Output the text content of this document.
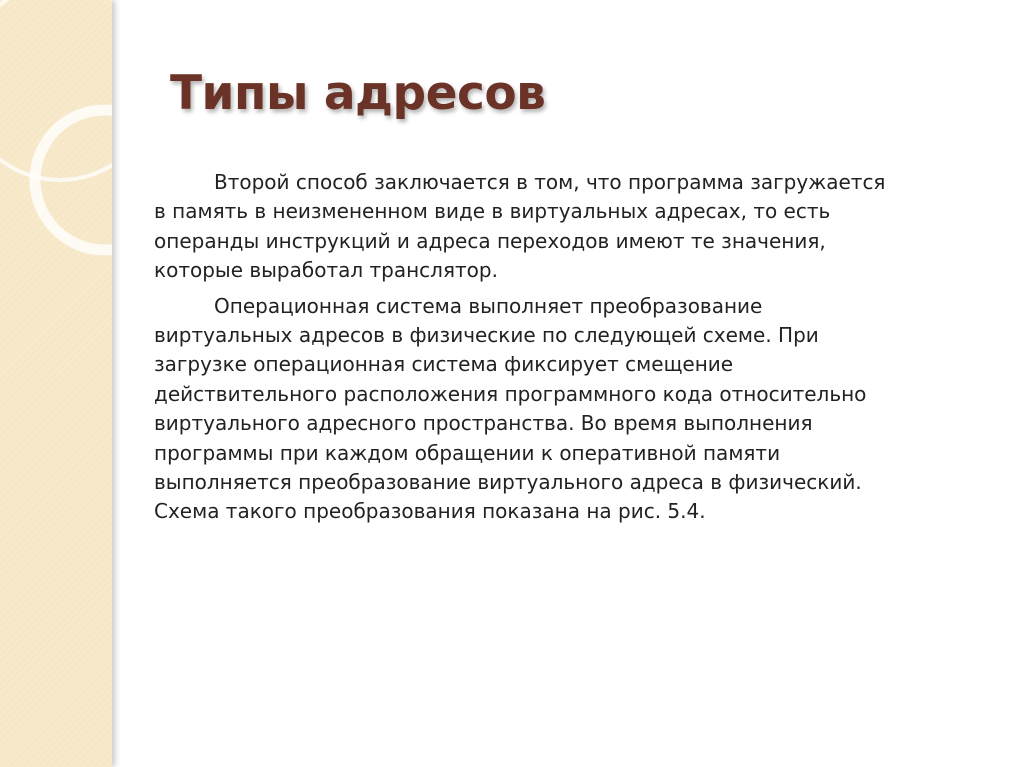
Типы адресов

Второй способ заключается в том, что программа загружается
в память в неизмененном виде в виртуальных адресах, то есть
операнды инструкций и адреса переходов имеют те значения,
которые выработал транслятор.

Операционная система выполняет преобразование
виртуальных адресов в физические по следующей схеме. При
загрузке операционная система фиксирует смещение
действительного расположения программного кода относительно
виртуального адресного пространства. Во время выполнения
программы при каждом обращении к оперативной памяти
выполняется преобразование виртуального адреса в физический.
Схема такого преобразования показана на рис. 5.4.
